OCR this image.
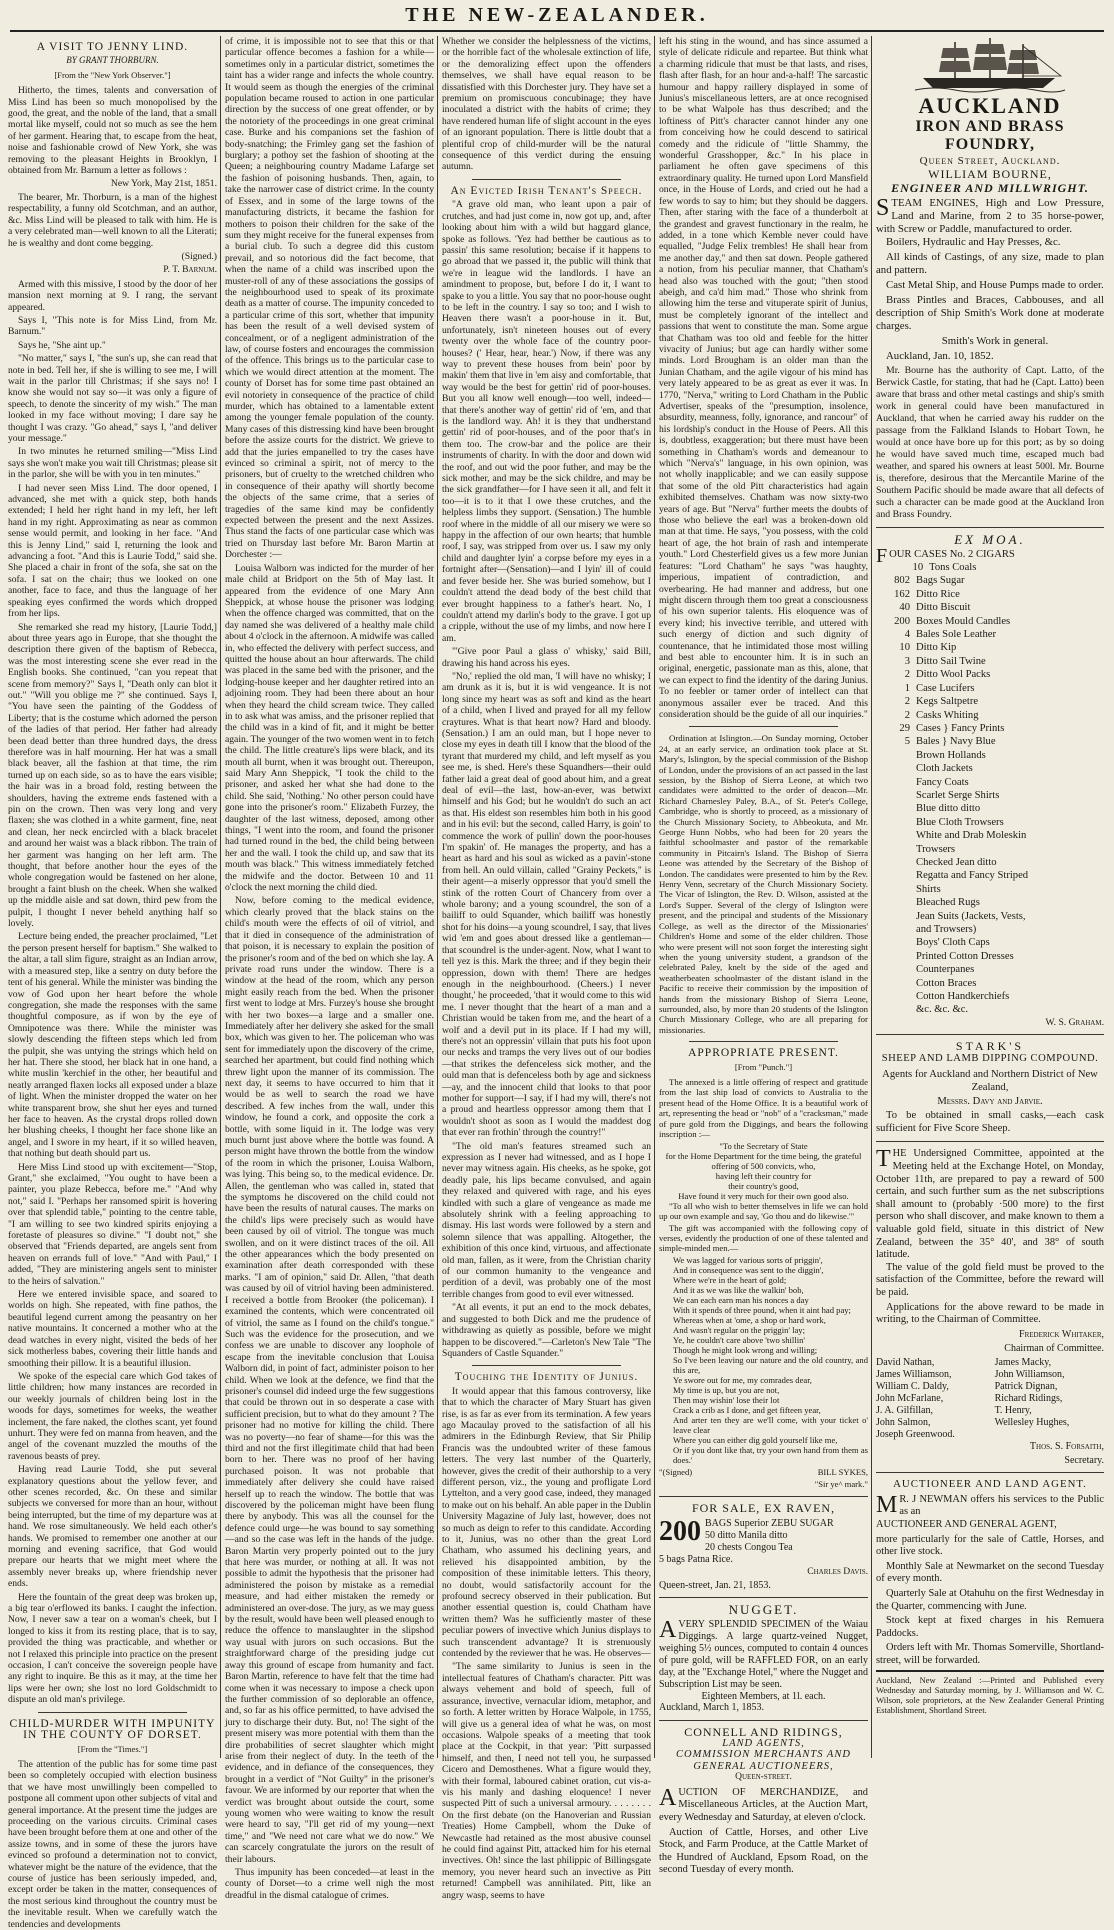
THE NEW-ZEALANDER.
A VISIT TO JENNY LIND.
BY GRANT THORBURN.
[From the "New York Observer."]

Hitherto, the times, talents and conversation of Miss Lind has been so much monopolised by the good, the great, and the noble of the land, that a small mortal like myself, could not so much as see the hem of her garment. Hearing that, to escape from the heat, noise and fashionable crowd of New York, she was removing to the pleasant Heights in Brooklyn, I obtained from Mr. Barnum a letter as follows :

New York, May 21st, 1851.

The bearer, Mr. Thorburn, is a man of the highest respectability, a funny old Scotchman, and an author, &c. Miss Lind will be pleased to talk with him. He is a very celebrated man—well known to all the Literati; he is wealthy and dont come begging.

(Signed.)
P. T. Barnum.

Armed with this missive, I stood by the door of her mansion next morning at 9. I rang, the servant appeared.

Says I, "This note is for Miss Lind, from Mr. Barnum."

Says he, "She aint up."

"No matter," says I, "the sun's up, she can read that note in bed. Tell her, if she is willing to see me, I will wait in the parlor till Christmas; if she says no! I know she would not say so—it was only a figure of speech, to denote the sincerity of my wish." The man looked in my face without moving; I dare say he thought I was crazy. "Go ahead," says I, "and deliver your message."

In two minutes he returned smiling—"Miss Lind says she won't make you wait till Christmas; please sit in the parlor, she will be with you in ten minutes."

I had never seen Miss Lind. The door opened, I advanced, she met with a quick step, both hands extended; I held her right hand in my left, her left hand in my right. Approximating as near as common sense would permit, and looking in her face. "And this is Jenny Lind," said I, returning the look and advancing a foot. "And this is Laurie Todd," said she. She placed a chair in front of the sofa, she sat on the sofa. I sat on the chair; thus we looked on one another, face to face, and thus the language of her speaking eyes confirmed the words which dropped from her lips.

She remarked she read my history, [Laurie Todd,] about three years ago in Europe, that she thought the description there given of the baptism of Rebecca, was the most interesting scene she ever read in the English books. She continued, "can you repeat that scene from memory?" Says I, "Death only can blot it out." "Will you oblige me ?" she continued. Says I, "You have seen the painting of the Goddess of Liberty; that is the costume which adorned the person of the ladies of that period. Her father had already been dead better than three hundred days, the dress therefore was in half mourning. Her hat was a small black beaver, all the fashion at that time, the rim turned up on each side, so as to have the ears visible; the hair was in a broad fold, resting between the shoulders, having the extreme ends fastened with a pin on the crown. Then was very long and very flaxen; she was clothed in a white garment, fine, neat and clean, her neck encircled with a black bracelet and around her waist was a black ribbon. The train of her garment was hanging on her left arm. The thought, that before another hour the eyes of the whole congregation would be fastened on her alone, brought a faint blush on the cheek. When she walked up the middle aisle and sat down, third pew from the pulpit, I thought I never beheld anything half so lovely.

Lecture being ended, the preacher proclaimed, "Let the person present herself for baptism." She walked to the altar, a tall slim figure, straight as an Indian arrow, with a measured step, like a sentry on duty before the tent of his general. While the minister was binding the vow of God upon her heart before the whole congregation, she made the responses with the same thoughtful composure, as if won by the eye of Omnipotence was there. While the minister was slowly descending the fifteen steps which led from the pulpit, she was untying the strings which held on her hat. There she stood, her black hat in one hand, a white muslin 'kerchief in the other, her beautiful and neatly arranged flaxen locks all exposed under a blaze of light. When the minister dropped the water on her white transparent brow, she shut her eyes and turned her face to heaven. As the crystal drops rolled down her blushing cheeks, I thought her face shone like an angel, and I swore in my heart, if it so willed heaven, that nothing but death should part us.

Here Miss Lind stood up with excitement—"Stop, Grant," she exclaimed, "You ought to have been a painter, you plaze Rebecca, before me." "And why not," said I. "Perhaps her ransomed spirit is hovering over that splendid table," pointing to the centre table, "I am willing to see two kindred spirits enjoying a foretaste of pleasures so divine." "I doubt not," she observed that "Friends departed, are angels sent from heaven on errands full of love." "And with Paul," I added, "They are ministering angels sent to minister to the heirs of salvation."

Here we entered invisible space, and soared to worlds on high. She repeated, with fine pathos, the beautiful legend current among the peasantry on her native mountains. It concerned a mother who at the dead watches in every night, visited the beds of her sick motherless babes, covering their little hands and smoothing their pillow. It is a beautiful illusion.

We spoke of the especial care which God takes of little children; how many instances are recorded in our weekly journals of children being lost in the woods for days, sometimes for weeks, the weather inclement, the fare naked, the clothes scant, yet found unhurt. They were fed on manna from heaven, and the angel of the covenant muzzled the mouths of the ravenous beasts of prey.

Having read Laurie Todd, she put several explanatory questions about the yellow fever, and other scenes recorded, &c. On these and similar subjects we conversed for more than an hour, without being interrupted, but the time of my departure was at hand. We rose simultaneously. We held each other's hands. We promised to remember one another at our morning and evening sacrifice, that God would prepare our hearts that we might meet where the assembly never breaks up, where friendship never ends.

Here the fountain of the great deep was broken up, a big tear o'erflowed its banks. I caught the infection. Now, I never saw a tear on a woman's cheek, but I longed to kiss it from its resting place, that is to say, provided the thing was practicable, and whether or not I relaxed this principle into practice on the present occasion, I can't conceive the sovereign people have any right to inquire. Be this as it may, at the time her lips were her own; she lost no lord Goldschmidt to dispute an old man's privilege.

CHILD-MURDER WITH IMPUNITY IN THE COUNTY OF DORSET.
[From the "Times."]

The attention of the public has for some time past been so completely occupied with election business that we have most unwillingly been compelled to postpone all comment upon other subjects of vital and general importance. At the present time the judges are proceeding on the various circuits. Criminal cases have been brought before them at one and other of the assize towns, and in some of these the jurors have evinced so profound a determination not to convict, whatever might be the nature of the evidence, that the course of justice has been seriously impeded, and, except order be taken in the matter, consequences of the most serious kind throughout the country must be the inevitable result. When we carefully watch the tendencies and developments

of crime, it is impossible not to see that this or that particular offence becomes a fashion for a while—sometimes only in a particular district, sometimes the taint has a wider range and infects the whole country. It would seem as though the energies of the criminal population became roused to action in one particular direction by the success of one great offender, or by the notoriety of the proceedings in one great criminal case. Burke and his companions set the fashion of body-snatching; the Frimley gang set the fashion of burglary; a pothoy set the fashion of shooting at the Queen; a neighbouring country Madame Lafarge set the fashion of poisoning husbands. Then, again, to take the narrower case of district crime. In the county of Essex, and in some of the large towns of the manufacturing districts, it became the fashion for mothers to poison their children for the sake of the sum they might receive for the funeral expenses from a burial club. To such a degree did this custom prevail, and so notorious did the fact become, that when the name of a child was inscribed upon the muster-roll of any of these associations the gossips of the neighbourhood used to speak of its proximate death as a matter of course. The impunity conceded to a particular crime of this sort, whether that impunity has been the result of a well devised system of concealment, or of a negligent administration of the law, of course fosters and encourages the commission of the offence. This brings us to the particular case to which we would direct attention at the moment. The county of Dorset has for some time past obtained an evil notoriety in consequence of the practice of child murder, which has obtained to a lamentable extent among the younger female population of the county. Many cases of this distressing kind have been brought before the assize courts for the district. We grieve to add that the juries empanelled to try the cases have evinced so criminal a spirit, not of mercy to the prisoners, but of cruelty to the wretched children who in consequence of their apathy will shortly become the objects of the same crime, that a series of tragedies of the same kind may be confidently expected between the present and the next Assizes. Thus stand the facts of one particular case which was tried on Thursday last before Mr. Baron Martin at Dorchester :—

Louisa Walborn was indicted for the murder of her male child at Bridport on the 5th of May last. It appeared from the evidence of one Mary Ann Sheppick, at whose house the prisoner was lodging when the offence charged was committed, that on the day named she was delivered of a healthy male child about 4 o'clock in the afternoon. A midwife was called in, who effected the delivery with perfect success, and quitted the house about an hour afterwards. The child was placed in the same bed with the prisoner, and the lodging-house keeper and her daughter retired into an adjoining room. They had been there about an hour when they heard the child scream twice. They called in to ask what was amiss, and the prisoner replied that the child was in a kind of fit, and it might be better again. The younger of the two women went in to fetch the child. The little creature's lips were black, and its mouth all burnt, when it was brought out. Thereupon, said Mary Ann Sheppick, "I took the child to the prisoner, and asked her what she had done to the child. She said, 'Nothing.' No other person could have gone into the prisoner's room." Elizabeth Furzey, the daughter of the last witness, deposed, among other things, "I went into the room, and found the prisoner had turned round in the bed, the child being between her and the wall. I took the child up, and saw that its mouth was black." This witness immediately fetched the midwife and the doctor. Between 10 and 11 o'clock the next morning the child died.

Now, before coming to the medical evidence, which clearly proved that the black stains on the child's mouth were the effects of oil of vitriol, and that it died in consequence of the administration of that poison, it is necessary to explain the position of the prisoner's room and of the bed on which she lay. A private road runs under the window. There is a window at the head of the room, which any person might easily reach from the bed. When the prisoner first went to lodge at Mrs. Furzey's house she brought with her two boxes—a large and a smaller one. Immediately after her delivery she asked for the small box, which was given to her. The policeman who was sent for immediately upon the discovery of the crime, searched her apartment, but could find nothing which threw light upon the manner of its commission. The next day, it seems to have occurred to him that it would be as well to search the road we have described. A few inches from the wall, under this window, he found a cork, and opposite the cork a bottle, with some liquid in it. The lodge was very much burnt just above where the bottle was found. A person might have thrown the bottle from the window of the room in which the prisoner, Louisa Walborn, was lying. This being so, to the medical evidence. Dr. Allen, the gentleman who was called in, stated that the symptoms he discovered on the child could not have been the results of natural causes. The marks on the child's lips were precisely such as would have been caused by oil of vitriol. The tongue was much swollen, and on it were distinct traces of the oil. All the other appearances which the body presented on examination after death corresponded with these marks. "I am of opinion," said Dr. Allen, "that death was caused by oil of vitriol having been administered. I received a bottle from Brooker (the policeman). I examined the contents, which were concentrated oil of vitriol, the same as I found on the child's tongue." Such was the evidence for the prosecution, and we confess we are unable to discover any loophole of escape from the inevitable conclusion that Louisa Walborn did, in point of fact, administer poison to her child. When we look at the defence, we find that the prisoner's counsel did indeed urge the few suggestions that could be thrown out in so desperate a case with sufficient precision, but to what do they amount ? The prisoner had no motive for killing the child. There was no poverty—no fear of shame—for this was the third and not the first illegitimate child that had been born to her. There was no proof of her having purchased poison. It was not probable that immediately after delivery she could have raised herself up to reach the window. The bottle that was discovered by the policeman might have been flung there by anybody. This was all the counsel for the defence could urge—he was bound to say something—and so the case was left in the hands of the judge. Baron Martin very properly pointed out to the jury that here was murder, or nothing at all. It was not possible to admit the hypothesis that the prisoner had administered the poison by mistake as a remedial measure, and had either mistaken the remedy or administered an over-dose. The jury, as we may guess by the result, would have been well pleased enough to reduce the offence to manslaughter in the slipshod way usual with jurors on such occasions. But the straightforward charge of the presiding judge cut away this ground of escape from humanity and fact. Baron Martin, reference to have felt that the time had come when it was necessary to impose a check upon the further commission of so deplorable an offence, and, so far as his office permitted, to have advised the jury to discharge their duty. But, no! The sight of the present misery was more potential with them than the dire probabilities of secret slaughter which might arise from their neglect of duty. In the teeth of the evidence, and in defiance of the consequences, they brought in a verdict of "Not Guilty" in the prisoner's favour. We are informed by our reporter that when the verdict was brought about outside the court, some young women who were waiting to know the result were heard to say, "I'll get rid of my young—next time," and "We need not care what we do now." We can scarcely congratulate the jurors on the result of their labours.

Thus impunity has been conceded—at least in the county of Dorset—to a crime well nigh the most dreadful in the dismal catalogue of crimes.

Whether we consider the helplessness of the victims, or the horrible fact of the wholesale extinction of life, or the demoralizing effect upon the offenders themselves, we shall have equal reason to be dissatisfied with this Dorchester jury. They have set a premium on promiscuous concubinage; they have inoculated a district with the habits of crime; they have rendered human life of slight account in the eyes of an ignorant population. There is little doubt that a plentiful crop of child-murder will be the natural consequence of this verdict during the ensuing autumn.

An Evicted Irish Tenant's Speech.

"A grave old man, who leant upon a pair of crutches, and had just come in, now got up, and, after looking about him with a wild but haggard glance, spoke as follows. 'Yez had betther be cautious as to passin' this same resolution; becaise if it happens to go abroad that we passed it, the public will think that we're in league wid the landlords. I have an amindment to propose, but, before I do it, I want to spake to you a little. You say that no poor-house ought to be left in the country. I say so too; and I wish to Heaven there wasn't a poor-house in it. But, unfortunately, isn't nineteen houses out of every twenty over the whole face of the country poor-houses? (' Hear, hear, hear.') Now, if there was any way to prevent these houses from bein' poor by makin' them that live in 'em aisy and comfortable, that way would be the best for gettin' rid of poor-houses. But you all know well enough—too well, indeed—that there's another way of gettin' rid of 'em, and that is the landlord way. Ah! it is they that undherstand gettin' rid of poor-houses, and of the poor that's in them too. The crow-bar and the police are their instruments of charity. In with the door and down wid the roof, and out wid the poor futher, and may be the sick mother, and may be the sick childre, and may be the sick grandfather—for I have seen it all, and felt it too—it is to it that I owe these crutches, and the helpless limbs they support. (Sensation.) The humble roof where in the middle of all our misery we were so happy in the affection of our own hearts; that humble roof, I say, was stripped from over us. I saw my only child and daughter lyin' a corpse before my eyes in a fortnight after—(Sensation)—and I lyin' ill of could and fever beside her. She was buried somehow, but I couldn't attend the dead body of the best child that ever brought happiness to a father's heart. No, I couldn't attend my darlin's body to the grave. I got up a cripple, without the use of my limbs, and now here I am.

"'Give poor Paul a glass o' whisky,' said Bill, drawing his hand across his eyes.

"No,' replied the old man, 'I will have no whisky; I am drunk as it is, but it is wid vengeance. It is not long since my heart was as soft and kind as the heart of a child, when I lived and prayed for all my fellow craytures. What is that heart now? Hard and bloody. (Sensation.) I am an ould man, but I hope never to close my eyes in death till I know that the blood of the tyrant that murdered my child, and left myself as you see me, is shed. Here's these Squandhers—their ould father laid a great deal of good about him, and a great deal of evil—the last, how-an-ever, was betwixt himself and his God; but he wouldn't do such an act as that. His eldest son resembles him both in his good and in his evil: but the second, called Harry, is goin' to commence the work of pullin' down the poor-houses I'm spakin' of. He manages the property, and has a heart as hard and his soul as wicked as a pavin'-stone from hell. An ould villain, called "Grainy Peckets," is their agent—a miserly oppressor that you'd smell the stink of the rotten Court of Chancery from over a whole barony; and a young scoundrel, the son of a bailiff to ould Squander, which bailiff was honestly shot for his doins—a young scoundrel, I say, that lives wid 'em and goes about dressed like a gentleman—that scoundrel is the under-agent. Now, what I want to tell yez is this. Mark the three; and if they begin their oppression, down with them! There are hedges enough in the neighbourhood. (Cheers.) I never thought,' he proceeded, 'that it would come to this wid me. I never thought that the heart of a man and a Christian would be taken from me, and the heart of a wolf and a devil put in its place. If I had my will, there's not an oppressin' villain that puts his foot upon our necks and tramps the very lives out of our bodies—that strikes the defenceless sick mother, and the ould man that is defenceless both by age and sickness—ay, and the innocent child that looks to that poor mother for support—I say, if I had my will, there's not a proud and heartless oppressor among them that I wouldn't shoot as soon as I would the maddest dog that ever ran frothin' through the country!"

"The old man's features streamed such an expression as I never had witnessed, and as I hope I never may witness again. His cheeks, as he spoke, got deadly pale, his lips became convulsed, and again they relaxed and quivered with rage, and his eyes kindled with such a glare of vengeance as made me absolutely shrink with a feeling approaching to dismay. His last words were followed by a stern and solemn silence that was appalling. Altogether, the exhibition of this once kind, virtuous, and affectionate old man, fallen, as it were, from the Christian charity of our common humanity to the vengeance and perdition of a devil, was probably one of the most terrible changes from good to evil ever witnessed.

"At all events, it put an end to the mock debates, and suggested to both Dick and me the prudence of withdrawing as quietly as possible, before we might happen to be discovered."—Carleton's New Tale "The Squanders of Castle Squander."

Touching the Identity of Junius.

It would appear that this famous controversy, like that to which the character of Mary Stuart has given rise, is as far as ever from its termination. A few years ago Macaulay proved to the satisfaction of all his admirers in the Edinburgh Review, that Sir Philip Francis was the undoubted writer of these famous letters. The very last number of the Quarterly, however, gives the credit of their authorship to a very different person, viz., the young and profligate Lord Lyttelton, and a very good case, indeed, they managed to make out on his behalf. An able paper in the Dublin University Magazine of July last, however, does not so much as deign to refer to this candidate. According to it, Junius, was no other than the great Lord Chatham, who assumed his declining years, and relieved his disappointed ambition, by the composition of these inimitable letters. This theory, no doubt, would satisfactorily account for the profound secrecy observed in their publication. But another essential question is, could Chatham have written them? Was he sufficiently master of these peculiar powers of invective which Junius displays to such transcendent advantage? It is strenuously contended by the reviewer that he was. He observes—

"The same similarity to Junius is seen in the intellectual features of Chatham's character. Pitt was always vehement and bold of speech, full of assurance, invective, vernacular idiom, metaphor, and so forth. A letter written by Horace Walpole, in 1755, will give us a general idea of what he was, on most occasions. Walpole speaks of a meeting that took place at the Cockpit, in that year: 'Pitt surpassed himself, and then, I need not tell you, he surpassed Cicero and Demosthenes. What a figure would they, with their formal, laboured cabinet oration, cut vis-a-vis his manly and dashing eloquence! I never suspected Pitt of such a universal armoury. . . . . . . . On the first debate (on the Hanoverian and Russian Treaties) Home Campbell, whom the Duke of Newcastle had retained as the most abusive counsel he could find against Pitt, attacked him for his eternal invectives. Oh! since the last philippic of Billingsgate memory, you never heard such an invective as Pitt returned! Campbell was annihilated. Pitt, like an angry wasp, seems to have

left his sting in the wound, and has since assumed a style of delicate ridicule and repartee. But think what a charming ridicule that must be that lasts, and rises, flash after flash, for an hour and-a-half! The sarcastic humour and happy raillery displayed in some of Junius's miscellaneous letters, are at once recognised to be what Walpole has thus described; and the loftiness of Pitt's character cannot hinder any one from conceiving how he could descend to satirical comedy and the ridicule of "little Shammy, the wonderful Grasshopper, &c." In his place in parliament he often gave specimens of this extraordinary quality. He turned upon Lord Mansfield once, in the House of Lords, and cried out he had a few words to say to him; but they should be daggers. Then, after staring with the face of a thunderbolt at the grandest and gravest functionary in the realm, he added, in a tone which Kemble never could have equalled, "Judge Felix trembles! He shall hear from me another day," and then sat down. People gathered a notion, from his peculiar manner, that Chatham's head also was touched with the gout; "then stood abeigh, and ca'd him mad." Those who shrink from allowing him the terse and vituperate spirit of Junius, must be completely ignorant of the intellect and passions that went to constitute the man. Some argue that Chatham was too old and feeble for the hitter vivacity of Junius; but age can hardly wither some minds. Lord Brougham is an older man than the Junian Chatham, and the agile vigour of his mind has very lately appeared to be as great as ever it was. In 1770, "Nerva," writing to Lord Chatham in the Public Advertiser, speaks of the "presumption, insolence, absurdity, meanness, folly, ignorance, and rancour" of his lordship's conduct in the House of Peers. All this is, doubtless, exaggeration; but there must have been something in Chatham's words and demeanour to which "Nerva's" language, in his own opinion, was not wholly inapplicable; and we can easily suppose that some of the old Pitt characteristics had again exhibited themselves. Chatham was now sixty-two years of age. But "Nerva" further meets the doubts of those who believe the earl was a broken-down old man at that time. He says, "you possess, with the cold heart of age, the hot brain of rash and intemperate youth." Lord Chesterfield gives us a few more Junian features: "Lord Chatham" he says "was haughty, imperious, impatient of contradiction, and overbearing. He had manner and address, but one might discern through them too great a consciousness of his own superior talents. His eloquence was of every kind; his invective terrible, and uttered with such energy of diction and such dignity of countenance, that he intimidated those most willing and best able to encounter him. It is in such an original, energetic, passionate man as this, alone, that we can expect to find the identity of the daring Junius. To no feebler or tamer order of intellect can that anonymous assailer ever be traced. And this consideration should be the guide of all our inquiries."

Ordination at Islington.—On Sunday morning, October 24, at an early service, an ordination took place at St. Mary's, Islington, by the special commission of the Bishop of London, under the provisions of an act passed in the last session, by the Bishop of Sierra Leone, at which two candidates were admitted to the order of deacon—Mr. Richard Charnesley Paley, B.A., of St. Peter's College, Cambridge, who is shortly to proceed, as a missionary of the Church Missionary Society, to Abbeokuta, and Mr. George Hunn Nobbs, who had been for 20 years the faithful schoolmaster and pastor of the remarkable community in Pitcairn's Island. The Bishop of Sierra Leone was attended by the Secretary of the Bishop of London. The candidates were presented to him by the Rev. Henry Venn, secretary of the Church Missionary Society. The Vicar of Islington, the Rev. D. Wilson, assisted at the Lord's Supper. Several of the clergy of Islington were present, and the principal and students of the Missionary College, as well as the director of the Missionaries' Children's Home and some of the elder children. Those who were present will not soon forget the interesting sight when the young university student, a grandson of the celebrated Paley, knelt by the side of the aged and weatherbeaten schoolmaster of the distant island in the Pacific to receive their commission by the imposition of hands from the missionary Bishop of Sierra Leone, surrounded, also, by more than 20 students of the Islington Church Missionary College, who are all preparing for missionaries.

APPROPRIATE PRESENT.
[From "Punch."]

The annexed is a little offering of respect and gratitude from the last ship load of convicts to Australia to the present head of the Home Office. It is a beautiful work of art, representing the head or "nob" of a "cracksman," made of pure gold from the Diggings, and bears the following inscription :—

"To the Secretary of State
for the Home Department for the time being, the grateful offering of 500 convicts, who,
having left their country for
their country's good,
Have found it very much for their own good also.

"To all who wish to better themselves in life we can hold up our own example and say, 'Go thou and do likewise.'"

The gift was accompanied with the following copy of verses, evidently the production of one of these talented and simple-minded men.—

We was lagged for various sorts of priggin',
And in consequence was sent to the diggin',
Where we're in the heart of gold;
And it as we was like the walkin' bob,
We can each earn man his nonces a day
With it spends of three pound, when it aint had pay;
Whereas when at 'ome, a shop or hard work,
And wasn't regular on the priggin' lay;
Ye, he couldn't care above 'two shillin'
Though he might look wrong and willing;
So I've been leaving our nature and the old country, and this are,
Ye swore out for me, my comrades dear,
My time is up, but you are not,
Then may wishin' lose their lot
Crack a crib as I done, and get fifteen year,
And arter ten they are we'll come, with your ticket o' leave clear
Where you can either dig gold yourself like me,
Or if you dont like that, try your own hand from them as does.'
"(Signed)	BILL SYKES,
"Sir ye^ mark."
FOR SALE, EX RAVEN,
200 BAGS Superior ZEBU SUGAR
50 ditto Manila ditto
20 chests Congou Tea
5 bags Patna Rice.
Charles Davis.
Queen-street, Jan. 21, 1853.
NUGGET.
A VERY SPLENDID SPECIMEN of the Waiau Diggings. A large quartz-veined Nugget, weighing 5½ ounces, computed to contain 4 ounces of pure gold, will be RAFFLED FOR, on an early day, at the "Exchange Hotel," where the Nugget and Subscription List may be seen.
Eighteen Members, at 1l. each.
Auckland, March 1, 1853.
CONNELL AND RIDINGS,
LAND AGENTS,
COMMISSION MERCHANTS AND
GENERAL AUCTIONEERS,
Queen-street.
A UCTION OF MERCHANDIZE, and Miscellaneous Articles, at the Auction Mart, every Wednesday and Saturday, at eleven o'clock.

Auction of Cattle, Horses, and other Live Stock, and Farm Produce, at the Cattle Market of the Hundred of Auckland, Epsom Road, on the second Tuesday of every month.

AUCKLAND
IRON AND BRASS FOUNDRY,
Queen Street, Auckland.
WILLIAM BOURNE,
ENGINEER AND MILLWRIGHT.
S TEAM ENGINES, High and Low Pressure, Land and Marine, from 2 to 35 horse-power, with Screw or Paddle, manufactured to order.

Boilers, Hydraulic and Hay Presses, &c.

All kinds of Castings, of any size, made to plan and pattern.

Cast Metal Ship, and House Pumps made to order.

Brass Pintles and Braces, Cabbouses, and all description of Ship Smith's Work done at moderate charges.

Smith's Work in general.

Auckland, Jan. 10, 1852.

Mr. Bourne has the authority of Capt. Latto, of the Berwick Castle, for stating, that had he (Capt. Latto) been aware that brass and other metal castings and ship's smith work in general could have been manufactured in Auckland, that when he carried away his rudder on the passage from the Falkland Islands to Hobart Town, he would at once have bore up for this port; as by so doing he would have saved much time, escaped much bad weather, and spared his owners at least 500l. Mr. Bourne is, therefore, desirous that the Mercantile Marine of the Southern Pacific should be made aware that all defects of such a character can be made good at the Auckland Iron and Brass Foundry.

EX MOA.
FOUR CASES No. 2 CIGARS
10 Tons Coals
802 Bags Sugar
162 Ditto Rice
40 Ditto Biscuit
200 Boxes Mould Candles
4 Bales Sole Leather
10 Ditto Kip
3 Ditto Sail Twine
2 Ditto Wool Packs
1 Case Lucifers
2 Kegs Saltpetre
2 Casks Whiting
29 Cases } Fancy Prints
5 Bales } Navy Blue
Brown Hollands
Cloth Jackets
Fancy Coats
Scarlet Serge Shirts
Blue ditto ditto
Blue Cloth Trowsers
White and Drab Moleskin
Trowsers
Checked Jean ditto
Regatta and Fancy Striped
Shirts
Bleached Rugs
Jean Suits (Jackets, Vests,
and Trowsers)
Boys' Cloth Caps
Printed Cotton Dresses
Counterpanes
Cotton Braces
Cotton Handkerchiefs
&c. &c. &c.
W. S. Graham.
STARK'S
SHEEP AND LAMB DIPPING COMPOUND.

Agents for Auckland and Northern District of New Zealand,

Messrs. Davy and Jarvie.

To be obtained in small casks,—each cask sufficient for Five Score Sheep.

T HE Undersigned Committee, appointed at the Meeting held at the Exchange Hotel, on Monday, October 11th, are prepared to pay a reward of 500 certain, and such further sum as the net subscriptions shall amount to (probably ·500 more) to the first person who shall discover, and make known to them a valuable gold field, situate in this district of New Zealand, between the 35° 40', and 38° of south latitude.

The value of the gold field must be proved to the satisfaction of the Committee, before the reward will be paid.

Applications for the above reward to be made in writing, to the Chairman of Committee.

Frederick Whitaker,
Chairman of Committee.
David Nathan,
James Williamson,
William C. Daldy,
John McFarlane,
J. A. Gilfillan,
John Salmon,
Joseph Greenwood.
James Macky,
John Williamson,
Patrick Dignan,
Richard Ridings,
T. Henry,
Wellesley Hughes,
Thos. S. Forsaith,
Secretary.
AUCTIONEER AND LAND AGENT.
M R. J NEWMAN offers his services to the Public as an

AUCTIONEER AND GENERAL AGENT,

more particularly for the sale of Cattle, Horses, and other live stock.

Monthly Sale at Newmarket on the second Tuesday of every month.

Quarterly Sale at Otahuhu on the first Wednesday in the Quarter, commencing with June.

Stock kept at fixed charges in his Remuera Paddocks.

Orders left with Mr. Thomas Somerville, Shortland-street, will be forwarded.

Auckland, New Zealand :—Printed and Published every Wednesday and Saturday morning, by J. Williamson and W. C. Wilson, sole proprietors, at the New Zealander General Printing Establishment, Shortland Street.
